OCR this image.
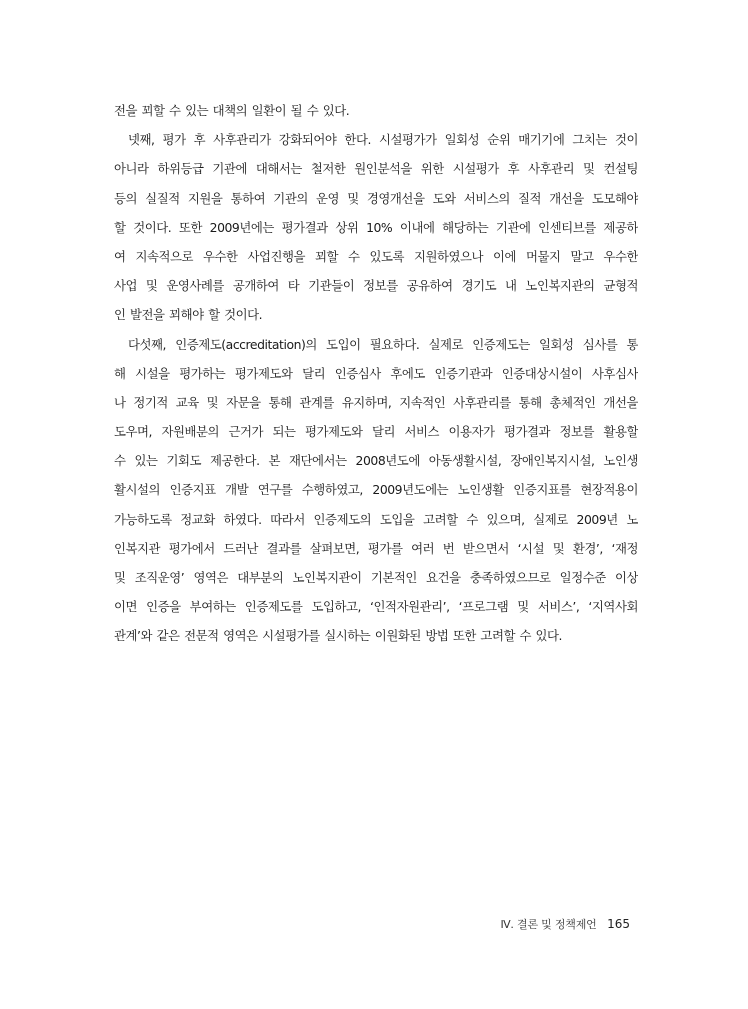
전을 꾀할 수 있는 대책의 일환이 될 수 있다.
넷째, 평가 후 사후관리가 강화되어야 한다. 시설평가가 일회성 순위 매기기에 그치는 것이
아니라 하위등급 기관에 대해서는 철저한 원인분석을 위한 시설평가 후 사후관리 및 컨설팅
등의 실질적 지원을 통하여 기관의 운영 및 경영개선을 도와 서비스의 질적 개선을 도모해야
할 것이다. 또한 2009년에는 평가결과 상위 10% 이내에 해당하는 기관에 인센티브를 제공하
여 지속적으로 우수한 사업진행을 꾀할 수 있도록 지원하였으나 이에 머물지 말고 우수한
사업 및 운영사례를 공개하여 타 기관들이 정보를 공유하여 경기도 내 노인복지관의 균형적
인 발전을 꾀해야 할 것이다.
다섯째, 인증제도(accreditation)의 도입이 필요하다. 실제로 인증제도는 일회성 심사를 통
해 시설을 평가하는 평가제도와 달리 인증심사 후에도 인증기관과 인증대상시설이 사후심사
나 정기적 교육 및 자문을 통해 관계를 유지하며, 지속적인 사후관리를 통해 총체적인 개선을
도우며, 자원배분의 근거가 되는 평가제도와 달리 서비스 이용자가 평가결과 정보를 활용할
수 있는 기회도 제공한다. 본 재단에서는 2008년도에 아동생활시설, 장애인복지시설, 노인생
활시설의 인증지표 개발 연구를 수행하였고, 2009년도에는 노인생활 인증지표를 현장적용이
가능하도록 정교화 하였다. 따라서 인증제도의 도입을 고려할 수 있으며, 실제로 2009년 노
인복지관 평가에서 드러난 결과를 살펴보면, 평가를 여러 번 받으면서 ‘시설 및 환경’, ‘재정
및 조직운영’ 영역은 대부분의 노인복지관이 기본적인 요건을 충족하였으므로 일정수준 이상
이면 인증을 부여하는 인증제도를 도입하고, ‘인적자원관리’, ‘프로그램 및 서비스’, ‘지역사회
관계’와 같은 전문적 영역은 시설평가를 실시하는 이원화된 방법 또한 고려할 수 있다.
Ⅳ. 결론 및 정책제언 165
